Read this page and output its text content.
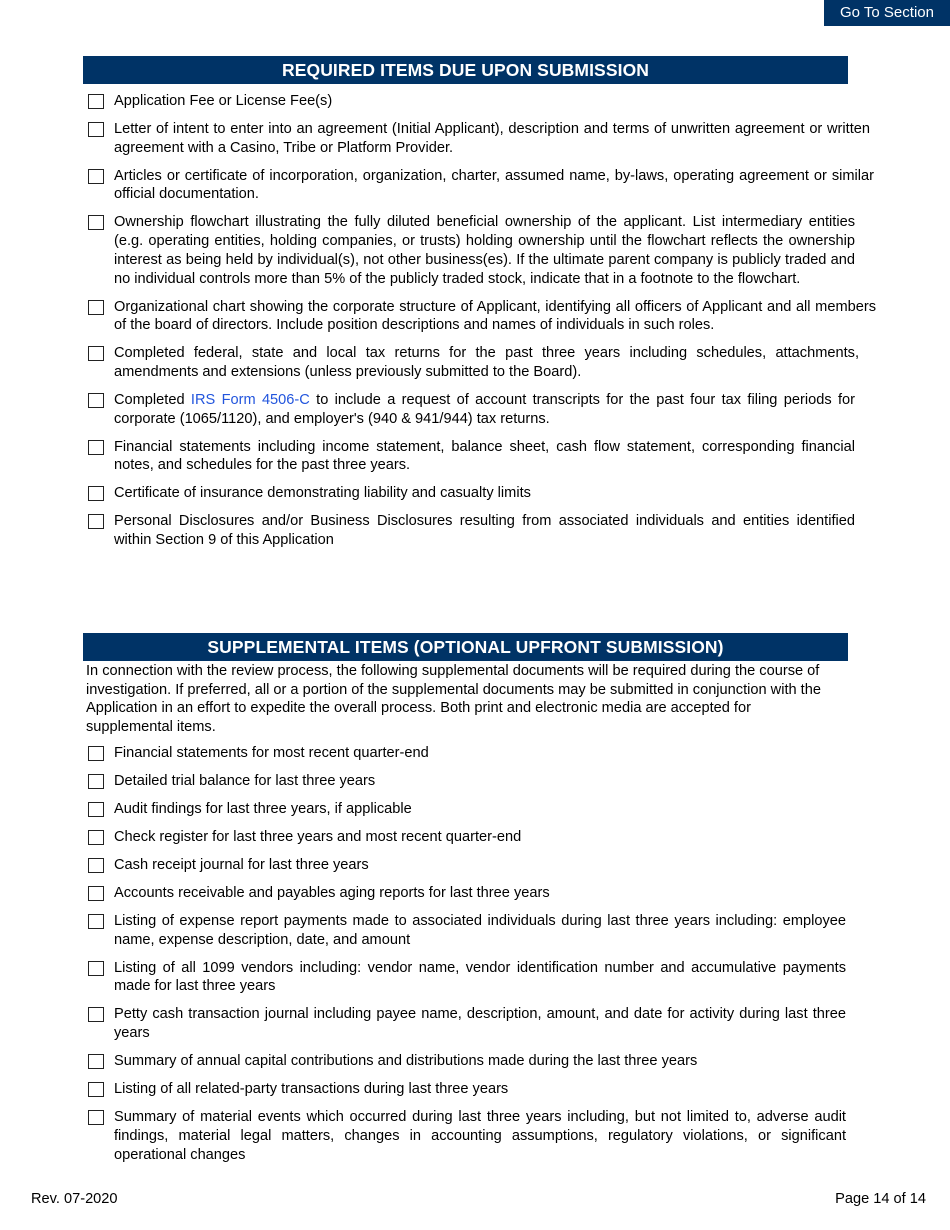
Go To Section
REQUIRED ITEMS DUE UPON SUBMISSION
Application Fee or License Fee(s)
Letter of intent to enter into an agreement (Initial Applicant), description and terms of unwritten agreement or written agreement with a Casino, Tribe or Platform Provider.
Articles or certificate of incorporation, organization, charter, assumed name, by-laws, operating agreement or similar official documentation.
Ownership flowchart illustrating the fully diluted beneficial ownership of the applicant. List intermediary entities (e.g. operating entities, holding companies, or trusts) holding ownership until the flowchart reflects the ownership interest as being held by individual(s), not other business(es). If the ultimate parent company is publicly traded and no individual controls more than 5% of the publicly traded stock, indicate that in a footnote to the flowchart.
Organizational chart showing the corporate structure of Applicant, identifying all officers of Applicant and all members of the board of directors. Include position descriptions and names of individuals in such roles.
Completed federal, state and local tax returns for the past three years including schedules, attachments, amendments and extensions (unless previously submitted to the Board).
Completed IRS Form 4506-C to include a request of account transcripts for the past four tax filing periods for corporate (1065/1120), and employer's (940 & 941/944) tax returns.
Financial statements including income statement, balance sheet, cash flow statement, corresponding financial notes, and schedules for the past three years.
Certificate of insurance demonstrating liability and casualty limits
Personal Disclosures and/or Business Disclosures resulting from associated individuals and entities identified within Section 9 of this Application
SUPPLEMENTAL ITEMS (OPTIONAL UPFRONT SUBMISSION)
In connection with the review process, the following supplemental documents will be required during the course of investigation. If preferred, all or a portion of the supplemental documents may be submitted in conjunction with the Application in an effort to expedite the overall process. Both print and electronic media are accepted for supplemental items.
Financial statements for most recent quarter-end
Detailed trial balance for last three years
Audit findings for last three years, if applicable
Check register for last three years and most recent quarter-end
Cash receipt journal for last three years
Accounts receivable and payables aging reports for last three years
Listing of expense report payments made to associated individuals during last three years including: employee name, expense description, date, and amount
Listing of all 1099 vendors including: vendor name, vendor identification number and accumulative payments made for last three years
Petty cash transaction journal including payee name, description, amount, and date for activity during last three years
Summary of annual capital contributions and distributions made during the last three years
Listing of all related-party transactions during last three years
Summary of material events which occurred during last three years including, but not limited to, adverse audit findings, material legal matters, changes in accounting assumptions, regulatory violations, or significant operational changes
Rev. 07-2020	Page 14 of 14
